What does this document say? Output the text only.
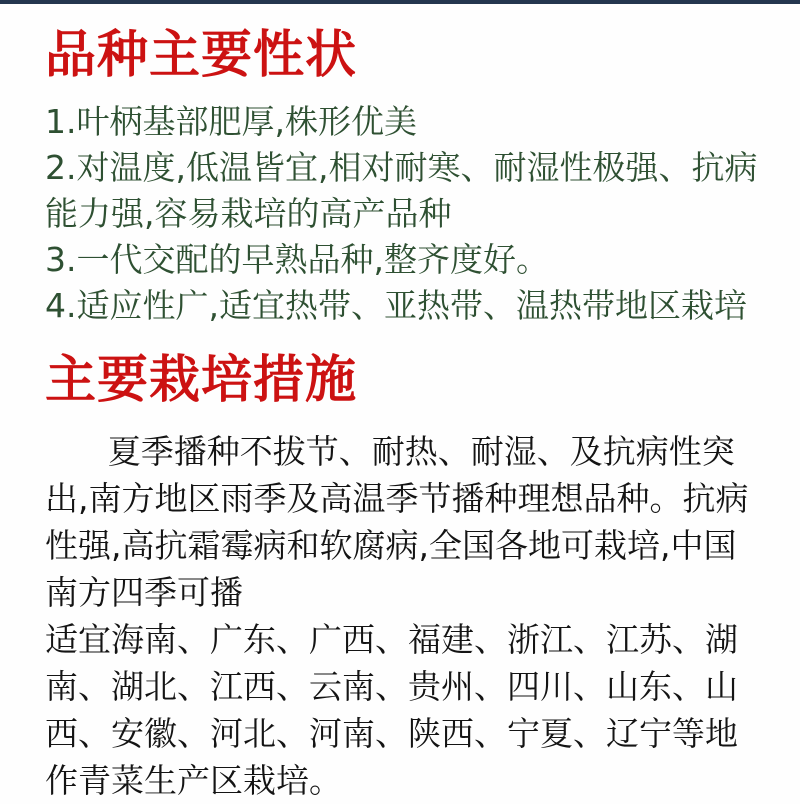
品种主要性状
1.叶柄基部肥厚,株形优美
2.对温度,低温皆宜,相对耐寒、耐湿性极强、抗病能力强,容易栽培的高产品种
3.一代交配的早熟品种,整齐度好。
4.适应性广,适宜热带、亚热带、温热带地区栽培
主要栽培措施

夏季播种不拔节、耐热、耐湿、及抗病性突出,南方地区雨季及高温季节播种理想品种。抗病性强,高抗霜霉病和软腐病,全国各地可栽培,中国南方四季可播

适宜海南、广东、广西、福建、浙江、江苏、湖南、湖北、江西、云南、贵州、四川、山东、山西、安徽、河北、河南、陕西、宁夏、辽宁等地作青菜生产区栽培。
